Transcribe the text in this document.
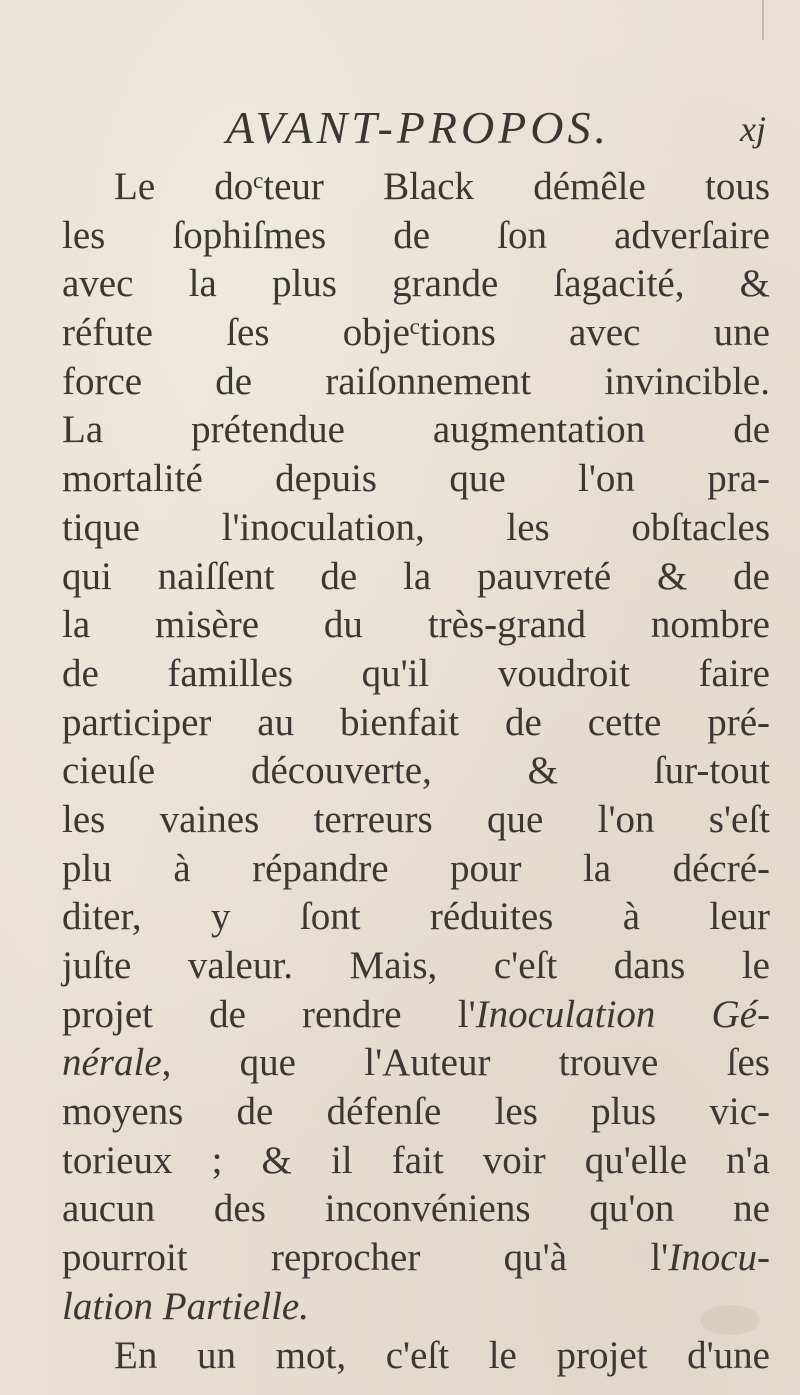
AVANT-PROPOS.	xj
Le doᶜteur Black démêle tous
les ſophiſmes de ſon adverſaire
avec la plus grande ſagacité, &
réfute ſes objeᶜtions avec une
force de raiſonnement invincible.
La prétendue augmentation de
mortalité depuis que l'on pra-
tique l'inoculation, les obſtacles
qui naiſſent de la pauvreté & de
la misère du très-grand nombre
de familles qu'il voudroit faire
participer au bienfait de cette pré-
cieuſe découverte, & ſur-tout
les vaines terreurs que l'on s'eſt
plu à répandre pour la décré-
diter, y ſont réduites à leur
juſte valeur. Mais, c'eſt dans le
projet de rendre l'Inoculation Gé-
nérale, que l'Auteur trouve ſes
moyens de défenſe les plus vic-
torieux ; & il fait voir qu'elle n'a
aucun des inconvéniens qu'on ne
pourroit reprocher qu'à l'Inocu-
lation Partielle.
En un mot, c'eſt le projet d'une
